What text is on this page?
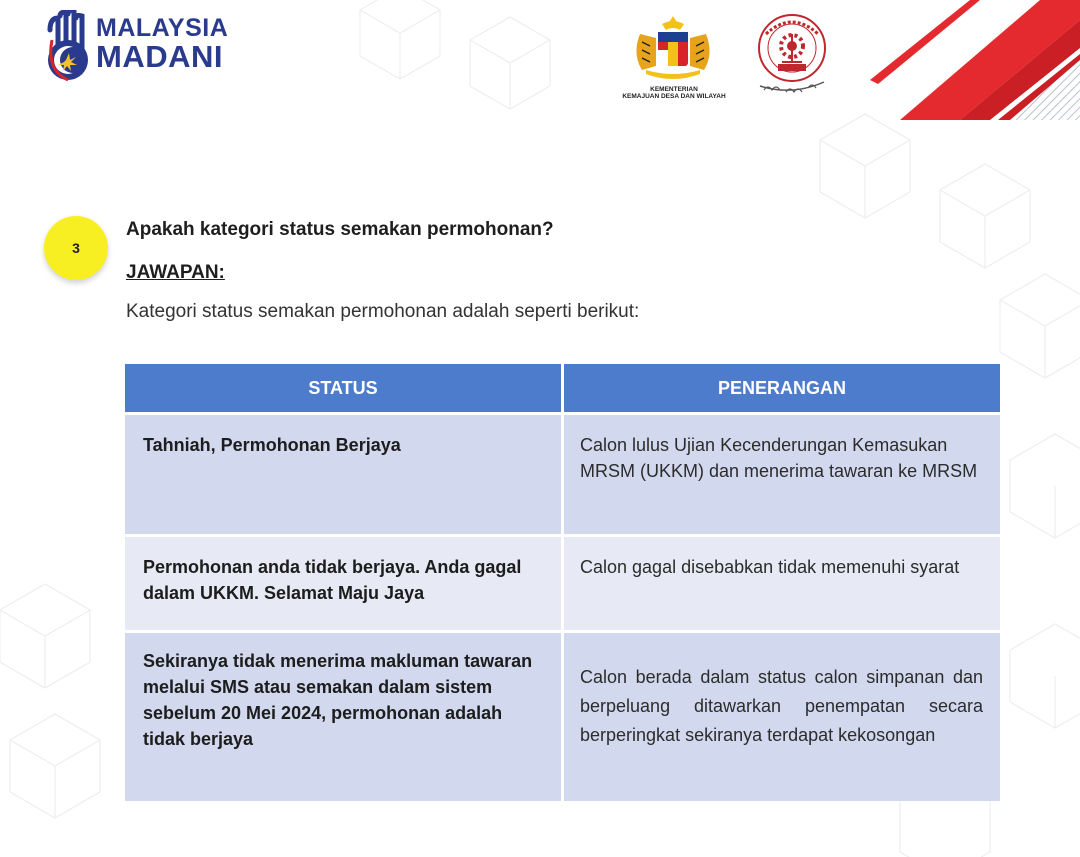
MALAYSIA
MADANI
KEMENTERIAN
KEMAJUAN DESA DAN WILAYAH
3
Apakah kategori status semakan permohonan?
JAWAPAN:
Kategori status semakan permohonan adalah seperti berikut:
STATUS	PENERANGAN
Tahniah, Permohonan Berjaya	Calon lulus Ujian Kecenderungan Kemasukan MRSM (UKKM) dan menerima tawaran ke MRSM
Permohonan anda tidak berjaya. Anda gagal dalam UKKM. Selamat Maju Jaya	Calon gagal disebabkan tidak memenuhi syarat
Sekiranya tidak menerima makluman tawaran melalui SMS atau semakan dalam sistem sebelum 20 Mei 2024, permohonan adalah tidak berjaya	Calon berada dalam status calon simpanan dan berpeluang ditawarkan penempatan secara berperingkat sekiranya terdapat kekosongan
